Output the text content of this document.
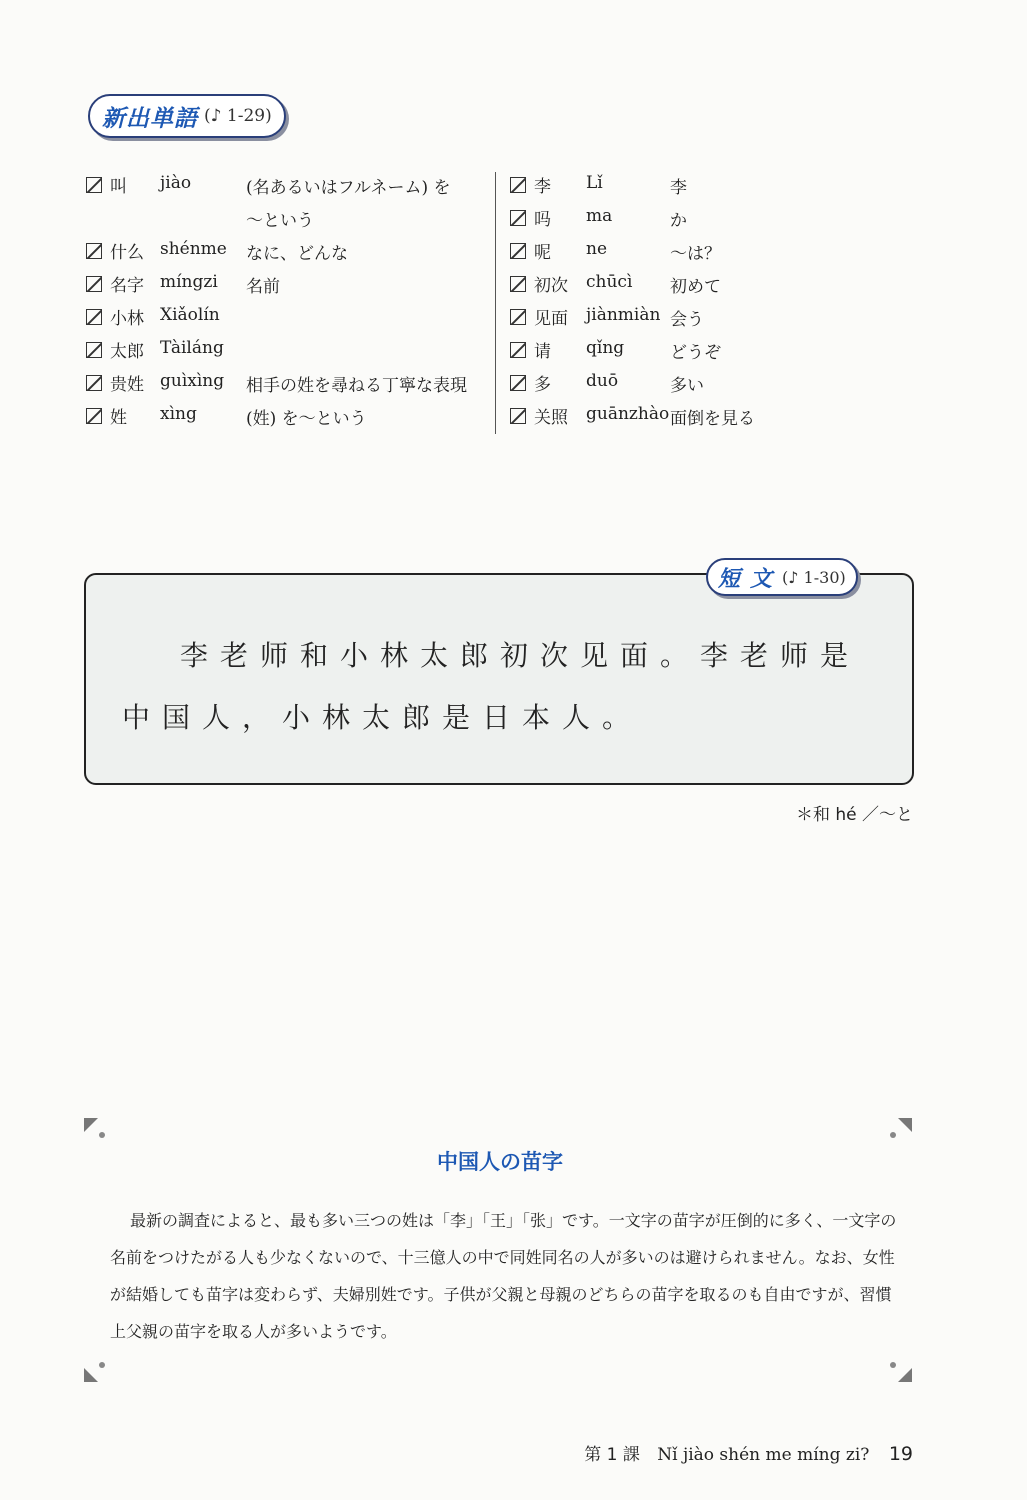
新出単語 (♪ 1-29)
叫 jiào	(名あるいはフルネーム) を
～という
什么 shénme なに、どんな
名字 míngzi 名前
小林 Xiǎolín
太郎 Tàiláng
贵姓 guìxìng 相手の姓を尋ねる丁寧な表現
姓 xìng	(姓) を～という
李 Lǐ	李
吗 ma	か
呢 ne	～は？
初次 chūcì 初めて
见面 jiànmiàn 会う
请 qǐng	どうぞ
多 duō	多い
关照 guānzhào 面倒を見る
李老师和小林太郎初次见面。李老师是中国人，小林太郎是日本人。
短文 (♪ 1-30)
＊和 hé ／～と
中国人の苗字
最新の調査によると、最も多い三つの姓は「李」「王」「张」です。一文字の苗字が圧倒的に多く、一文字の名前をつけたがる人も少なくないので、十三億人の中で同姓同名の人が多いのは避けられません。なお、女性が結婚しても苗字は変わらず、夫婦別姓です。子供が父親と母親のどちらの苗字を取るのも自由ですが、習慣上父親の苗字を取る人が多いようです。
第 1 課 Nǐ jiào shén me míng zi? 19
